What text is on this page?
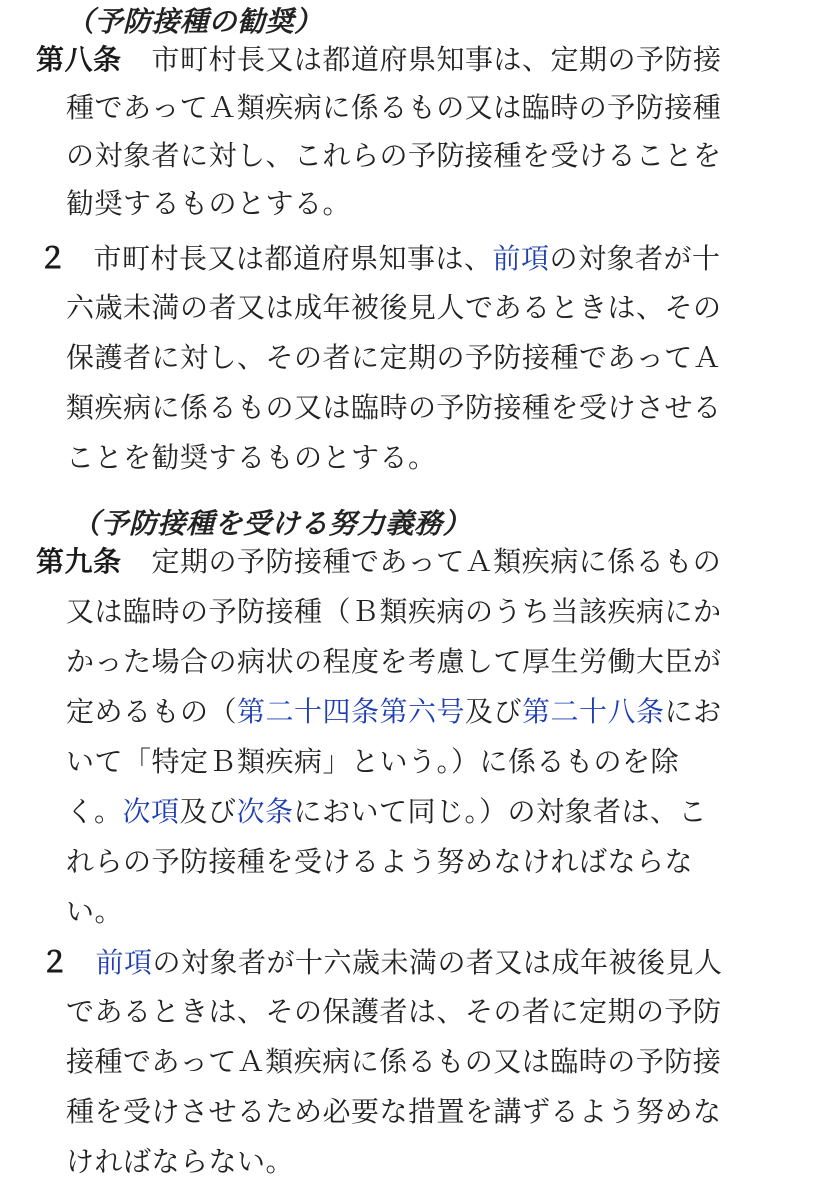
（予防接種の勧奨）
第八条 市町村長又は都道府県知事は、定期の予防接
種であってＡ類疾病に係るもの又は臨時の予防接種
の対象者に対し、これらの予防接種を受けることを
勧奨するものとする。
２ 市町村長又は都道府県知事は、前項の対象者が十
六歳未満の者又は成年被後見人であるときは、その
保護者に対し、その者に定期の予防接種であってＡ
類疾病に係るもの又は臨時の予防接種を受けさせる
ことを勧奨するものとする。
（予防接種を受ける努力義務）
第九条 定期の予防接種であってＡ類疾病に係るもの
又は臨時の予防接種（Ｂ類疾病のうち当該疾病にか
かった場合の病状の程度を考慮して厚生労働大臣が
定めるもの（第二十四条第六号及び第二十八条にお
いて「特定Ｂ類疾病」という。）に係るものを除
く。次項及び次条において同じ。）の対象者は、こ
れらの予防接種を受けるよう努めなければならな
い。
２ 前項の対象者が十六歳未満の者又は成年被後見人
であるときは、その保護者は、その者に定期の予防
接種であってＡ類疾病に係るもの又は臨時の予防接
種を受けさせるため必要な措置を講ずるよう努めな
ければならない。
